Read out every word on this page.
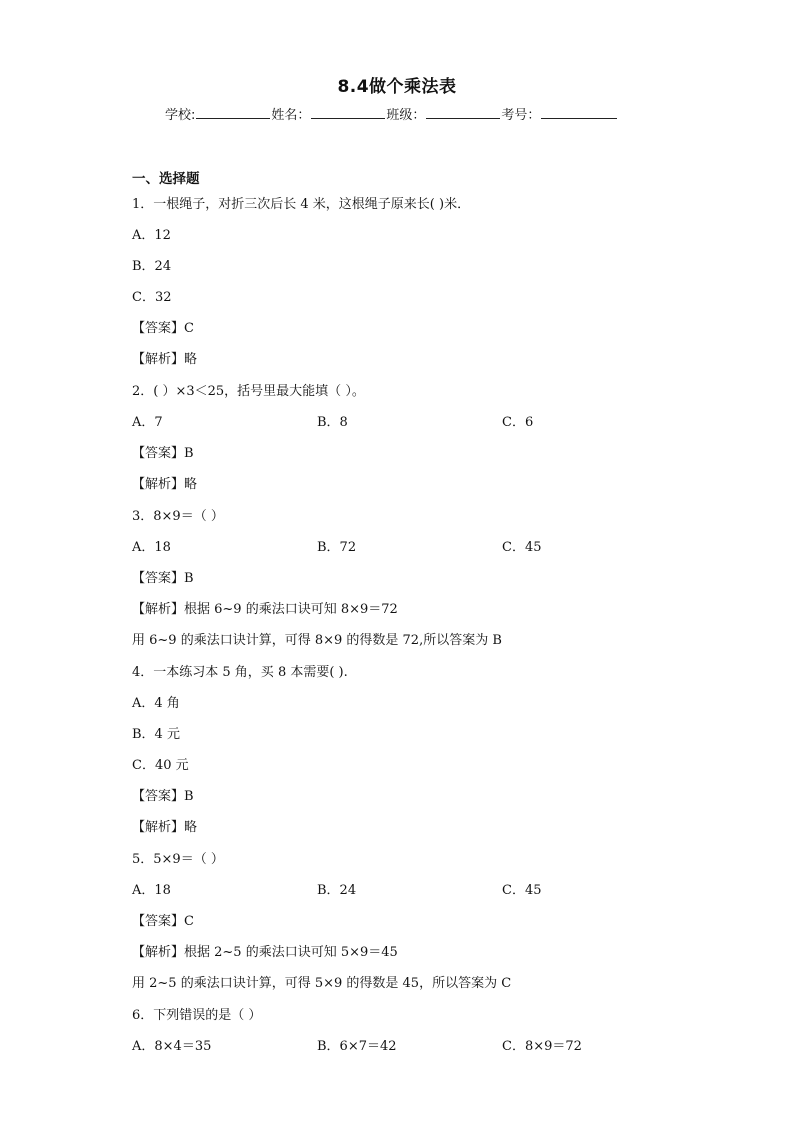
8.4做个乘法表
学校:	姓名：	班级：	考号：
一、选择题
1．一根绳子，对折三次后长 4 米，这根绳子原来长( )米．
A．12
B．24
C．32
【答案】C
【解析】略
2．( ）×3＜25，括号里最大能填（ ）。
A．7	B．8	C．6
【答案】B
【解析】略
3．8×9＝（ ）
A．18	B．72	C．45
【答案】B
【解析】根据 6~9 的乘法口诀可知 8×9＝72
用 6~9 的乘法口诀计算，可得 8×9 的得数是 72,所以答案为 B
4．一本练习本 5 角，买 8 本需要( ).
A．4 角
B．4 元
C．40 元
【答案】B
【解析】略
5．5×9＝（ ）
A．18	B．24	C．45
【答案】C
【解析】根据 2~5 的乘法口诀可知 5×9＝45
用 2~5 的乘法口诀计算，可得 5×9 的得数是 45，所以答案为 C
6．下列错误的是（ ）
A．8×4＝35	B．6×7＝42	C．8×9＝72
